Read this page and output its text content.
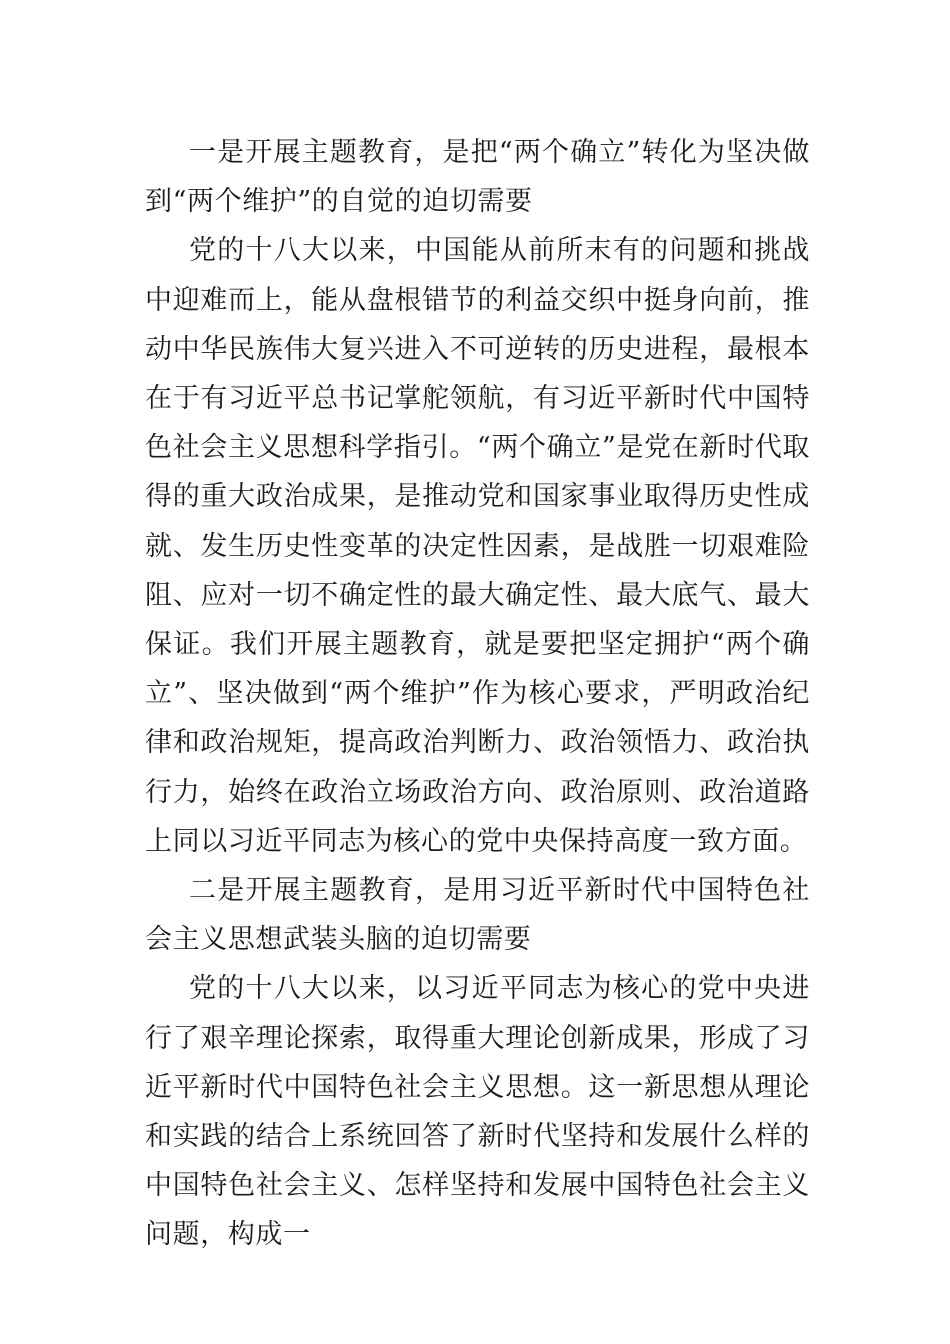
一是开展主题教育，是把“两个确立”转化为坚决做到“两个维护”的自觉的迫切需要

党的十八大以来，中国能从前所末有的问题和挑战中迎难而上，能从盘根错节的利益交织中挺身向前，推动中华民族伟大复兴进入不可逆转的历史进程，最根本在于有习近平总书记掌舵领航，有习近平新时代中国特色社会主义思想科学指引。“两个确立”是党在新时代取得的重大政治成果，是推动党和国家事业取得历史性成就、发生历史性变革的决定性因素，是战胜一切艰难险阻、应对一切不确定性的最大确定性、最大底气、最大保证。我们开展主题教育，就是要把坚定拥护“两个确立”、坚决做到“两个维护”作为核心要求，严明政治纪律和政治规矩，提高政治判断力、政治领悟力、政治执行力，始终在政治立场政治方向、政治原则、政治道路上同以习近平同志为核心的党中央保持高度一致方面。

二是开展主题教育，是用习近平新时代中国特色社会主义思想武装头脑的迫切需要

党的十八大以来，以习近平同志为核心的党中央进行了艰辛理论探索，取得重大理论创新成果，形成了习近平新时代中国特色社会主义思想。这一新思想从理论和实践的结合上系统回答了新时代坚持和发展什么样的中国特色社会主义、怎样坚持和发展中国特色社会主义问题，构成一
